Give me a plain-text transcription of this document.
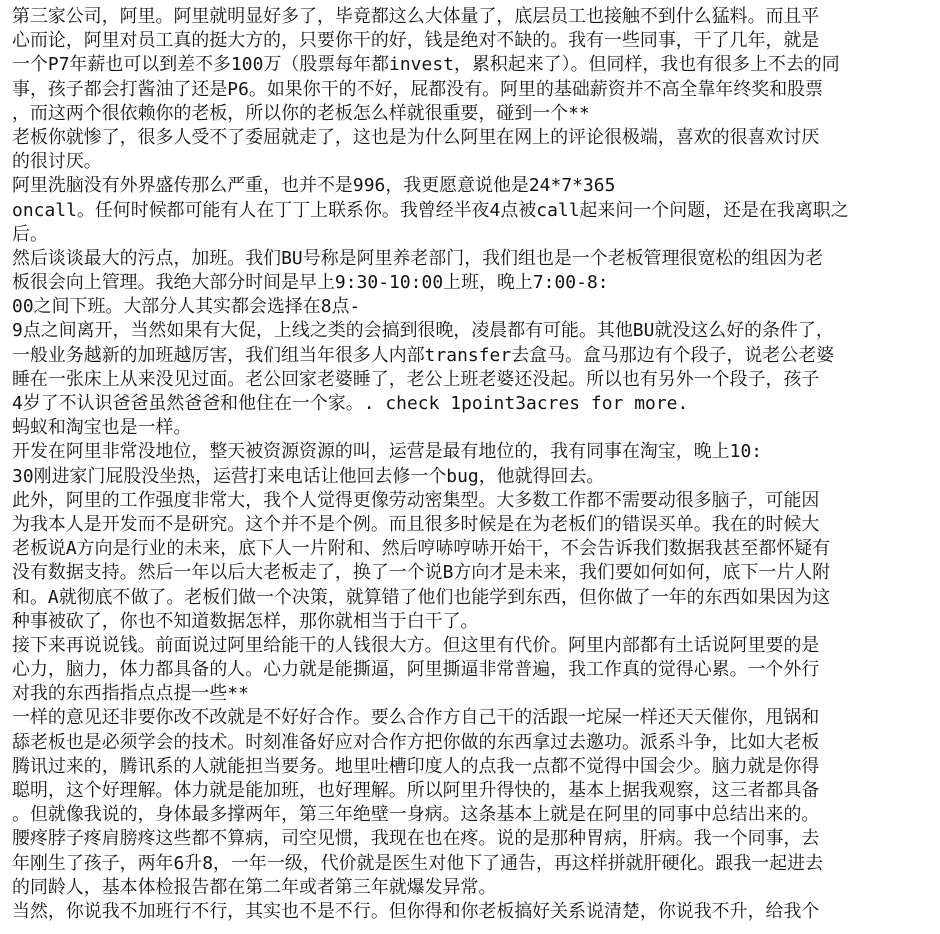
第三家公司，阿里。阿里就明显好多了，毕竟都这么大体量了，底层员工也接触不到什么猛料。而且平
心而论，阿里对员工真的挺大方的，只要你干的好，钱是绝对不缺的。我有一些同事，干了几年，就是
一个P7年薪也可以到差不多100万（股票每年都invest，累积起来了）。但同样，我也有很多上不去的同
事，孩子都会打酱油了还是P6。如果你干的不好，屁都没有。阿里的基础薪资并不高全靠年终奖和股票
，而这两个很依赖你的老板，所以你的老板怎么样就很重要，碰到一个**
老板你就惨了，很多人受不了委屈就走了，这也是为什么阿里在网上的评论很极端，喜欢的很喜欢讨厌
的很讨厌。
阿里洗脑没有外界盛传那么严重，也并不是996，我更愿意说他是24*7*365
oncall。任何时候都可能有人在丁丁上联系你。我曾经半夜4点被call起来问一个问题，还是在我离职之
后。
然后谈谈最大的污点，加班。我们BU号称是阿里养老部门，我们组也是一个老板管理很宽松的组因为老
板很会向上管理。我绝大部分时间是早上9:30-10:00上班，晚上7:00-8:
00之间下班。大部分人其实都会选择在8点-
9点之间离开，当然如果有大促，上线之类的会搞到很晚，凌晨都有可能。其他BU就没这么好的条件了，
一般业务越新的加班越厉害，我们组当年很多人内部transfer去盒马。盒马那边有个段子，说老公老婆
睡在一张床上从来没见过面。老公回家老婆睡了，老公上班老婆还没起。所以也有另外一个段子，孩子
4岁了不认识爸爸虽然爸爸和他住在一个家。. check 1point3acres for more.
蚂蚁和淘宝也是一样。
开发在阿里非常没地位，整天被资源资源的叫，运营是最有地位的，我有同事在淘宝，晚上10:
30刚进家门屁股没坐热，运营打来电话让他回去修一个bug，他就得回去。
此外，阿里的工作强度非常大，我个人觉得更像劳动密集型。大多数工作都不需要动很多脑子，可能因
为我本人是开发而不是研究。这个并不是个例。而且很多时候是在为老板们的错误买单。我在的时候大
老板说A方向是行业的未来，底下人一片附和、然后哼哧哼哧开始干，不会告诉我们数据我甚至都怀疑有
没有数据支持。然后一年以后大老板走了，换了一个说B方向才是未来，我们要如何如何，底下一片人附
和。A就彻底不做了。老板们做一个决策，就算错了他们也能学到东西，但你做了一年的东西如果因为这
种事被砍了，你也不知道数据怎样，那你就相当于白干了。
接下来再说说钱。前面说过阿里给能干的人钱很大方。但这里有代价。阿里内部都有土话说阿里要的是
心力，脑力，体力都具备的人。心力就是能撕逼，阿里撕逼非常普遍，我工作真的觉得心累。一个外行
对我的东西指指点点提一些**
一样的意见还非要你改不改就是不好好合作。要么合作方自己干的活跟一坨屎一样还天天催你，甩锅和
舔老板也是必须学会的技术。时刻准备好应对合作方把你做的东西拿过去邀功。派系斗争，比如大老板
腾讯过来的，腾讯系的人就能担当要务。地里吐槽印度人的点我一点都不觉得中国会少。脑力就是你得
聪明，这个好理解。体力就是能加班，也好理解。所以阿里升得快的，基本上据我观察，这三者都具备
。但就像我说的，身体最多撑两年，第三年绝壁一身病。这条基本上就是在阿里的同事中总结出来的。
腰疼脖子疼肩膀疼这些都不算病，司空见惯，我现在也在疼。说的是那种胃病，肝病。我一个同事，去
年刚生了孩子，两年6升8，一年一级，代价就是医生对他下了通告，再这样拼就肝硬化。跟我一起进去
的同龄人，基本体检报告都在第二年或者第三年就爆发异常。
当然，你说我不加班行不行，其实也不是不行。但你得和你老板搞好关系说清楚，你说我不升，给我个
